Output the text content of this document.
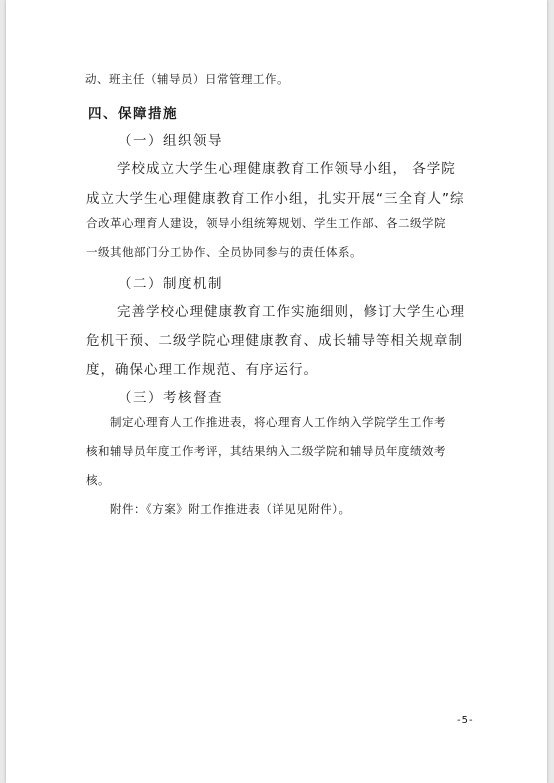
动、班主任（辅导员）日常管理工作。
四、保障措施
（一）组织领导
学校成立大学生心理健康教育工作领导小组， 各学院
成立大学生心理健康教育工作小组，扎实开展“三全育人”综
合改革心理育人建设，领导小组统筹规划、学生工作部、各二级学院
一级其他部门分工协作、全员协同参与的责任体系。
（二）制度机制
完善学校心理健康教育工作实施细则，修订大学生心理
危机干预、二级学院心理健康教育、成长辅导等相关规章制
度，确保心理工作规范、有序运行。
（三）考核督查
制定心理育人工作推进表，将心理育人工作纳入学院学生工作考
核和辅导员年度工作考评，其结果纳入二级学院和辅导员年度绩效考
核。
附件：《方案》附工作推进表（详见见附件）。
-5-
